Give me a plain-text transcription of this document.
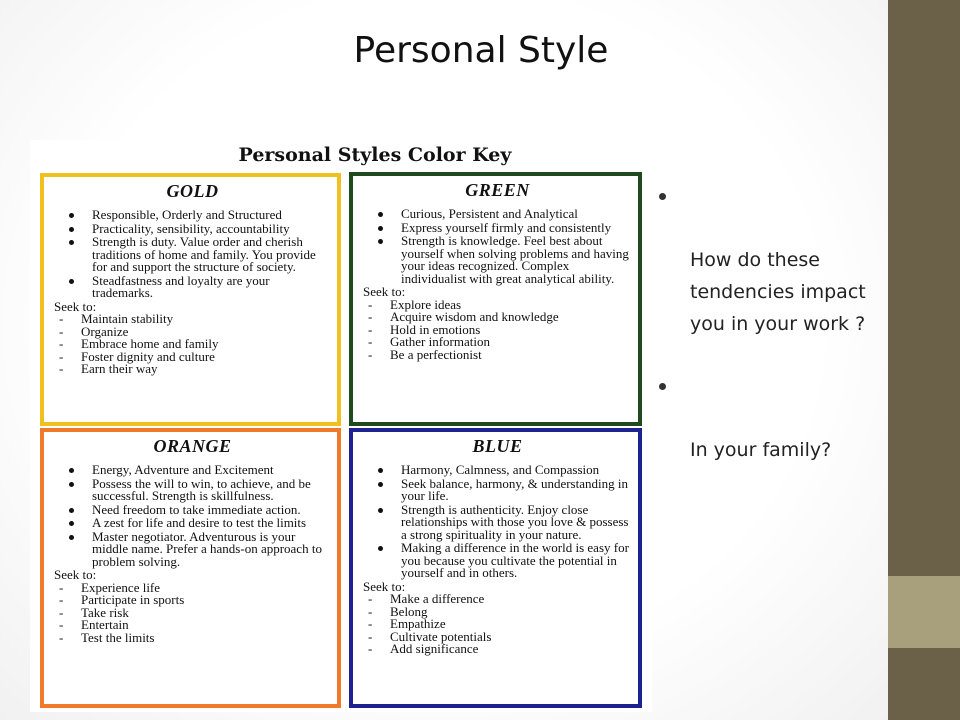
Personal Style
Personal Styles Color Key
GOLD
Responsible, Orderly and Structured
Practicality, sensibility, accountability
Strength is duty. Value order and cherish traditions of home and family. You provide for and support the structure of society.
Steadfastness and loyalty are your trademarks.
Seek to:
- Maintain stability
- Organize
- Embrace home and family
- Foster dignity and culture
- Earn their way
GREEN
Curious, Persistent and Analytical
Express yourself firmly and consistently
Strength is knowledge. Feel best about yourself when solving problems and having your ideas recognized. Complex individualist with great analytical ability.
Seek to:
- Explore ideas
- Acquire wisdom and knowledge
- Hold in emotions
- Gather information
- Be a perfectionist
ORANGE
Energy, Adventure and Excitement
Possess the will to win, to achieve, and be successful. Strength is skillfulness.
Need freedom to take immediate action.
A zest for life and desire to test the limits
Master negotiator. Adventurous is your middle name. Prefer a hands-on approach to problem solving.
Seek to:
- Experience life
- Participate in sports
- Take risk
- Entertain
- Test the limits
BLUE
Harmony, Calmness, and Compassion
Seek balance, harmony, & understanding in your life.
Strength is authenticity. Enjoy close relationships with those you love & possess a strong spirituality in your nature.
Making a difference in the world is easy for you because you cultivate the potential in yourself and in others.
Seek to:
- Make a difference
- Belong
- Empathize
- Cultivate potentials
- Add significance

How do these
tendencies impact
you in your work ?

In your family?
